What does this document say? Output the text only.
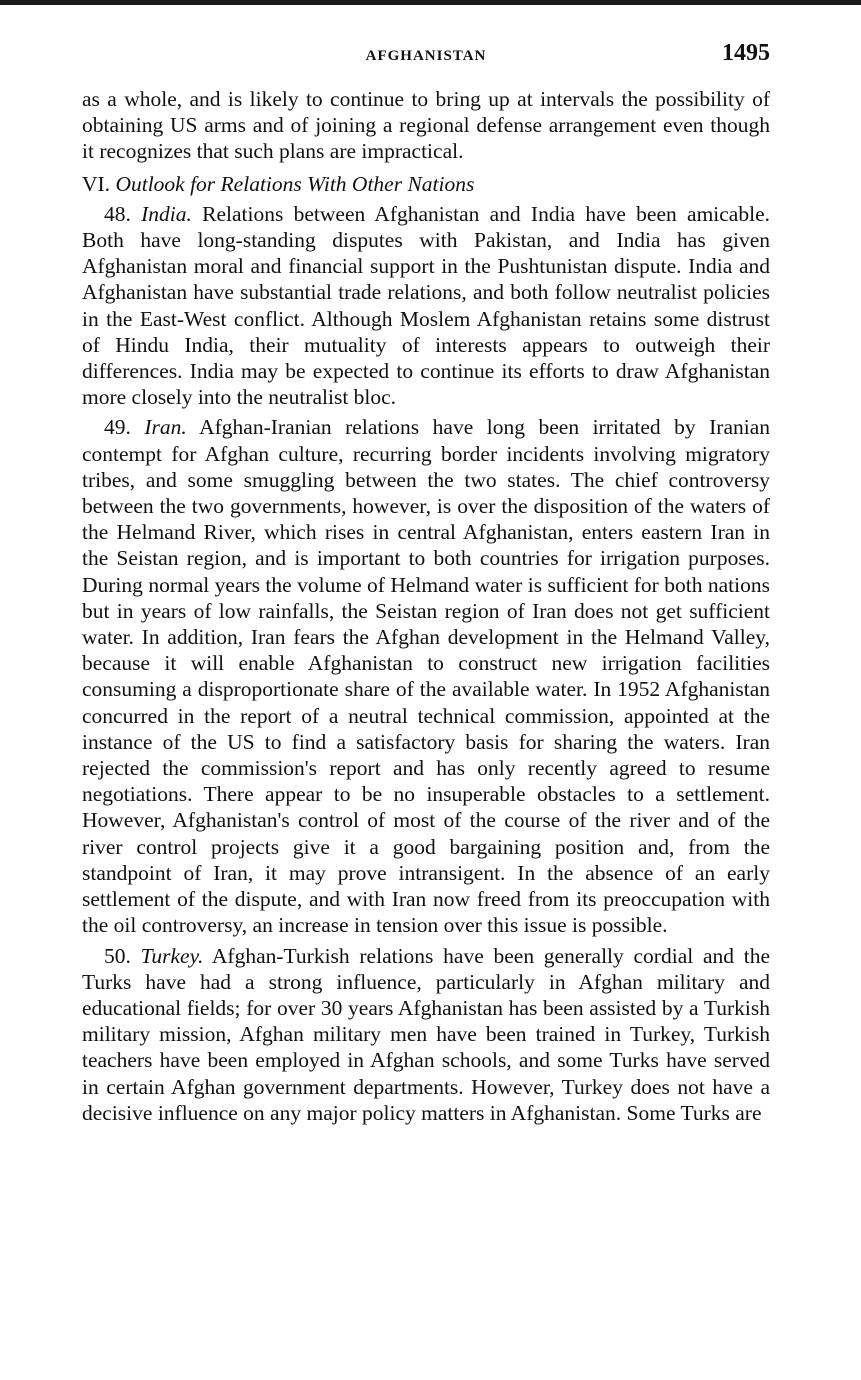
AFGHANISTAN	1495

as a whole, and is likely to continue to bring up at intervals the possibility of obtaining US arms and of joining a regional defense arrangement even though it recognizes that such plans are impractical.

VI. Outlook for Relations With Other Nations

48. India. Relations between Afghanistan and India have been amicable. Both have long-standing disputes with Pakistan, and India has given Afghanistan moral and financial support in the Pushtunistan dispute. India and Afghanistan have substantial trade relations, and both follow neutralist policies in the East-West conflict. Although Moslem Afghanistan retains some distrust of Hindu India, their mutuality of interests appears to outweigh their differences. India may be expected to continue its efforts to draw Afghanistan more closely into the neutralist bloc.

49. Iran. Afghan-Iranian relations have long been irritated by Iranian contempt for Afghan culture, recurring border incidents involving migratory tribes, and some smuggling between the two states. The chief controversy between the two governments, however, is over the disposition of the waters of the Helmand River, which rises in central Afghanistan, enters eastern Iran in the Seistan region, and is important to both countries for irrigation purposes. During normal years the volume of Helmand water is sufficient for both nations but in years of low rainfalls, the Seistan region of Iran does not get sufficient water. In addition, Iran fears the Afghan development in the Helmand Valley, because it will enable Afghanistan to construct new irrigation facilities consuming a disproportionate share of the available water. In 1952 Afghanistan concurred in the report of a neutral technical commission, appointed at the instance of the US to find a satisfactory basis for sharing the waters. Iran rejected the commission's report and has only recently agreed to resume negotiations. There appear to be no insuperable obstacles to a settlement. However, Afghanistan's control of most of the course of the river and of the river control projects give it a good bargaining position and, from the standpoint of Iran, it may prove intransigent. In the absence of an early settlement of the dispute, and with Iran now freed from its preoccupation with the oil controversy, an increase in tension over this issue is possible.

50. Turkey. Afghan-Turkish relations have been generally cordial and the Turks have had a strong influence, particularly in Afghan military and educational fields; for over 30 years Afghanistan has been assisted by a Turkish military mission, Afghan military men have been trained in Turkey, Turkish teachers have been employed in Afghan schools, and some Turks have served in certain Afghan government departments. However, Turkey does not have a decisive influence on any major policy matters in Afghanistan. Some Turks are
